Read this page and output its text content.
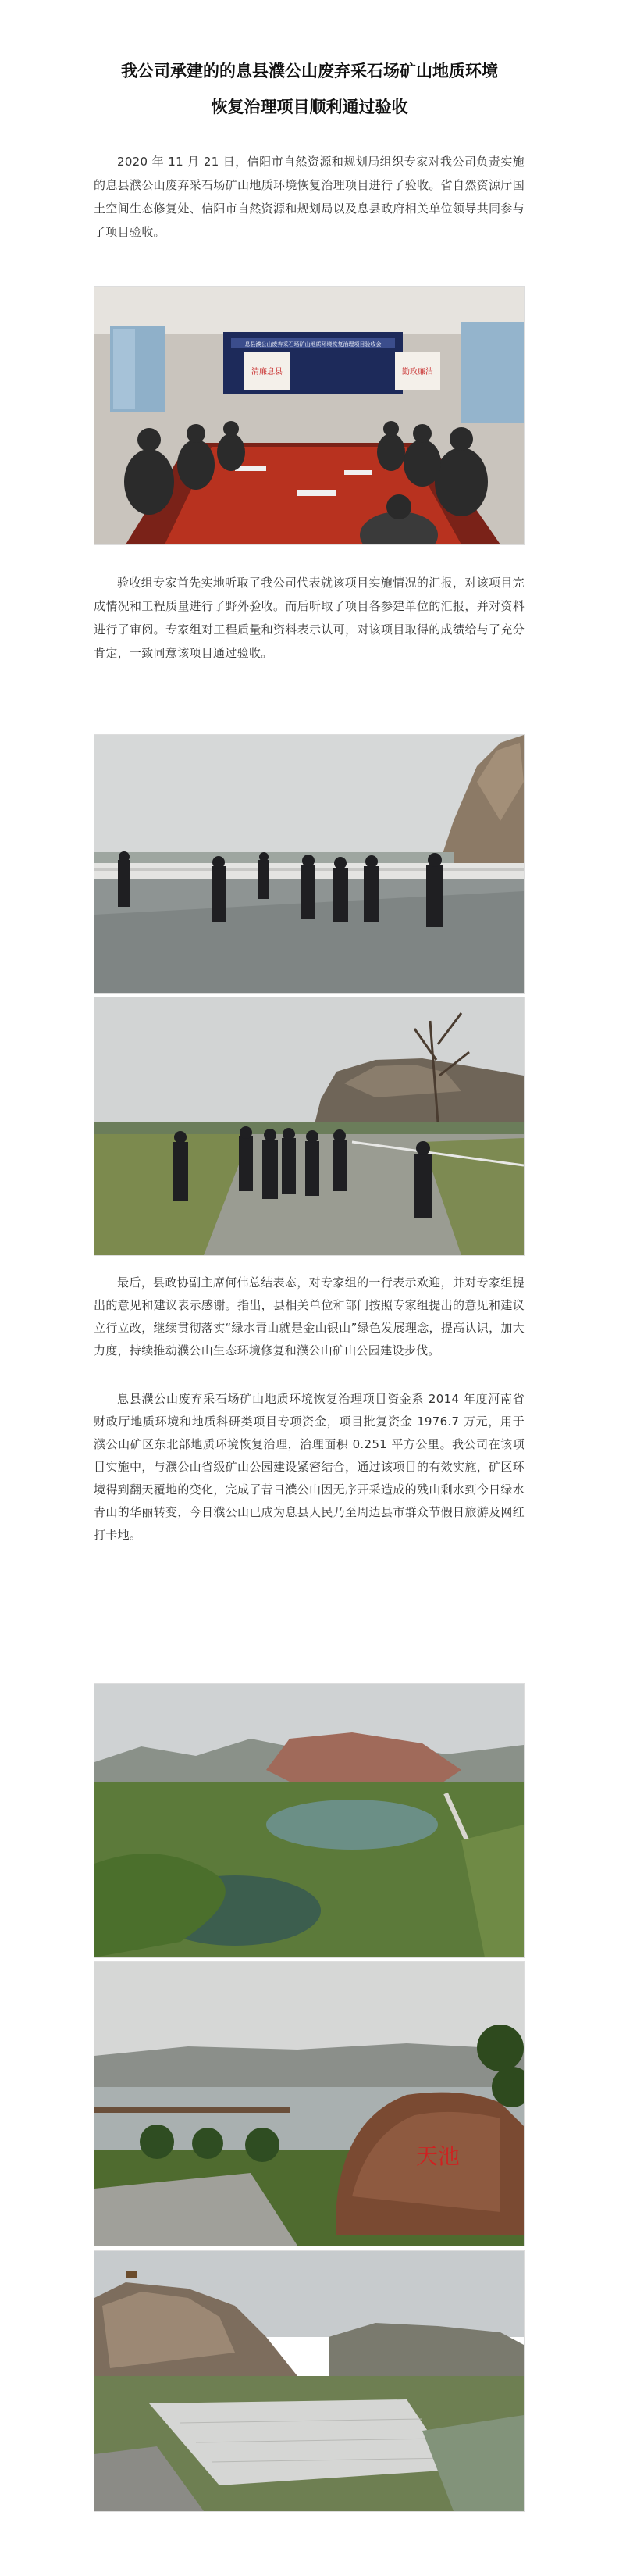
我公司承建的的息县濮公山废弃采石场矿山地质环境
恢复治理项目顺利通过验收

2020 年 11 月 21 日，信阳市自然资源和规划局组织专家对我公司负责实施的息县濮公山废弃采石场矿山地质环境恢复治理项目进行了验收。省自然资源厅国土空间生态修复处、信阳市自然资源和规划局以及息县政府相关单位领导共同参与了项目验收。

息县濮公山废弃采石场矿山地质环境恢复治理项目验收会
清廉息县	勤政廉洁

验收组专家首先实地听取了我公司代表就该项目实施情况的汇报，对该项目完成情况和工程质量进行了野外验收。而后听取了项目各参建单位的汇报，并对资料进行了审阅。专家组对工程质量和资料表示认可，对该项目取得的成绩给与了充分肯定，一致同意该项目通过验收。

最后，县政协副主席何伟总结表态，对专家组的一行表示欢迎，并对专家组提出的意见和建议表示感谢。指出，县相关单位和部门按照专家组提出的意见和建议立行立改，继续贯彻落实“绿水青山就是金山银山”绿色发展理念，提高认识，加大力度，持续推动濮公山生态环境修复和濮公山矿山公园建设步伐。

息县濮公山废弃采石场矿山地质环境恢复治理项目资金系 2014 年度河南省财政厅地质环境和地质科研类项目专项资金，项目批复资金 1976.7 万元，用于濮公山矿区东北部地质环境恢复治理，治理面积 0.251 平方公里。我公司在该项目实施中，与濮公山省级矿山公园建设紧密结合，通过该项目的有效实施，矿区环境得到翻天覆地的变化，完成了昔日濮公山因无序开采造成的残山剩水到今日绿水青山的华丽转变，今日濮公山已成为息县人民乃至周边县市群众节假日旅游及网红打卡地。

天池
